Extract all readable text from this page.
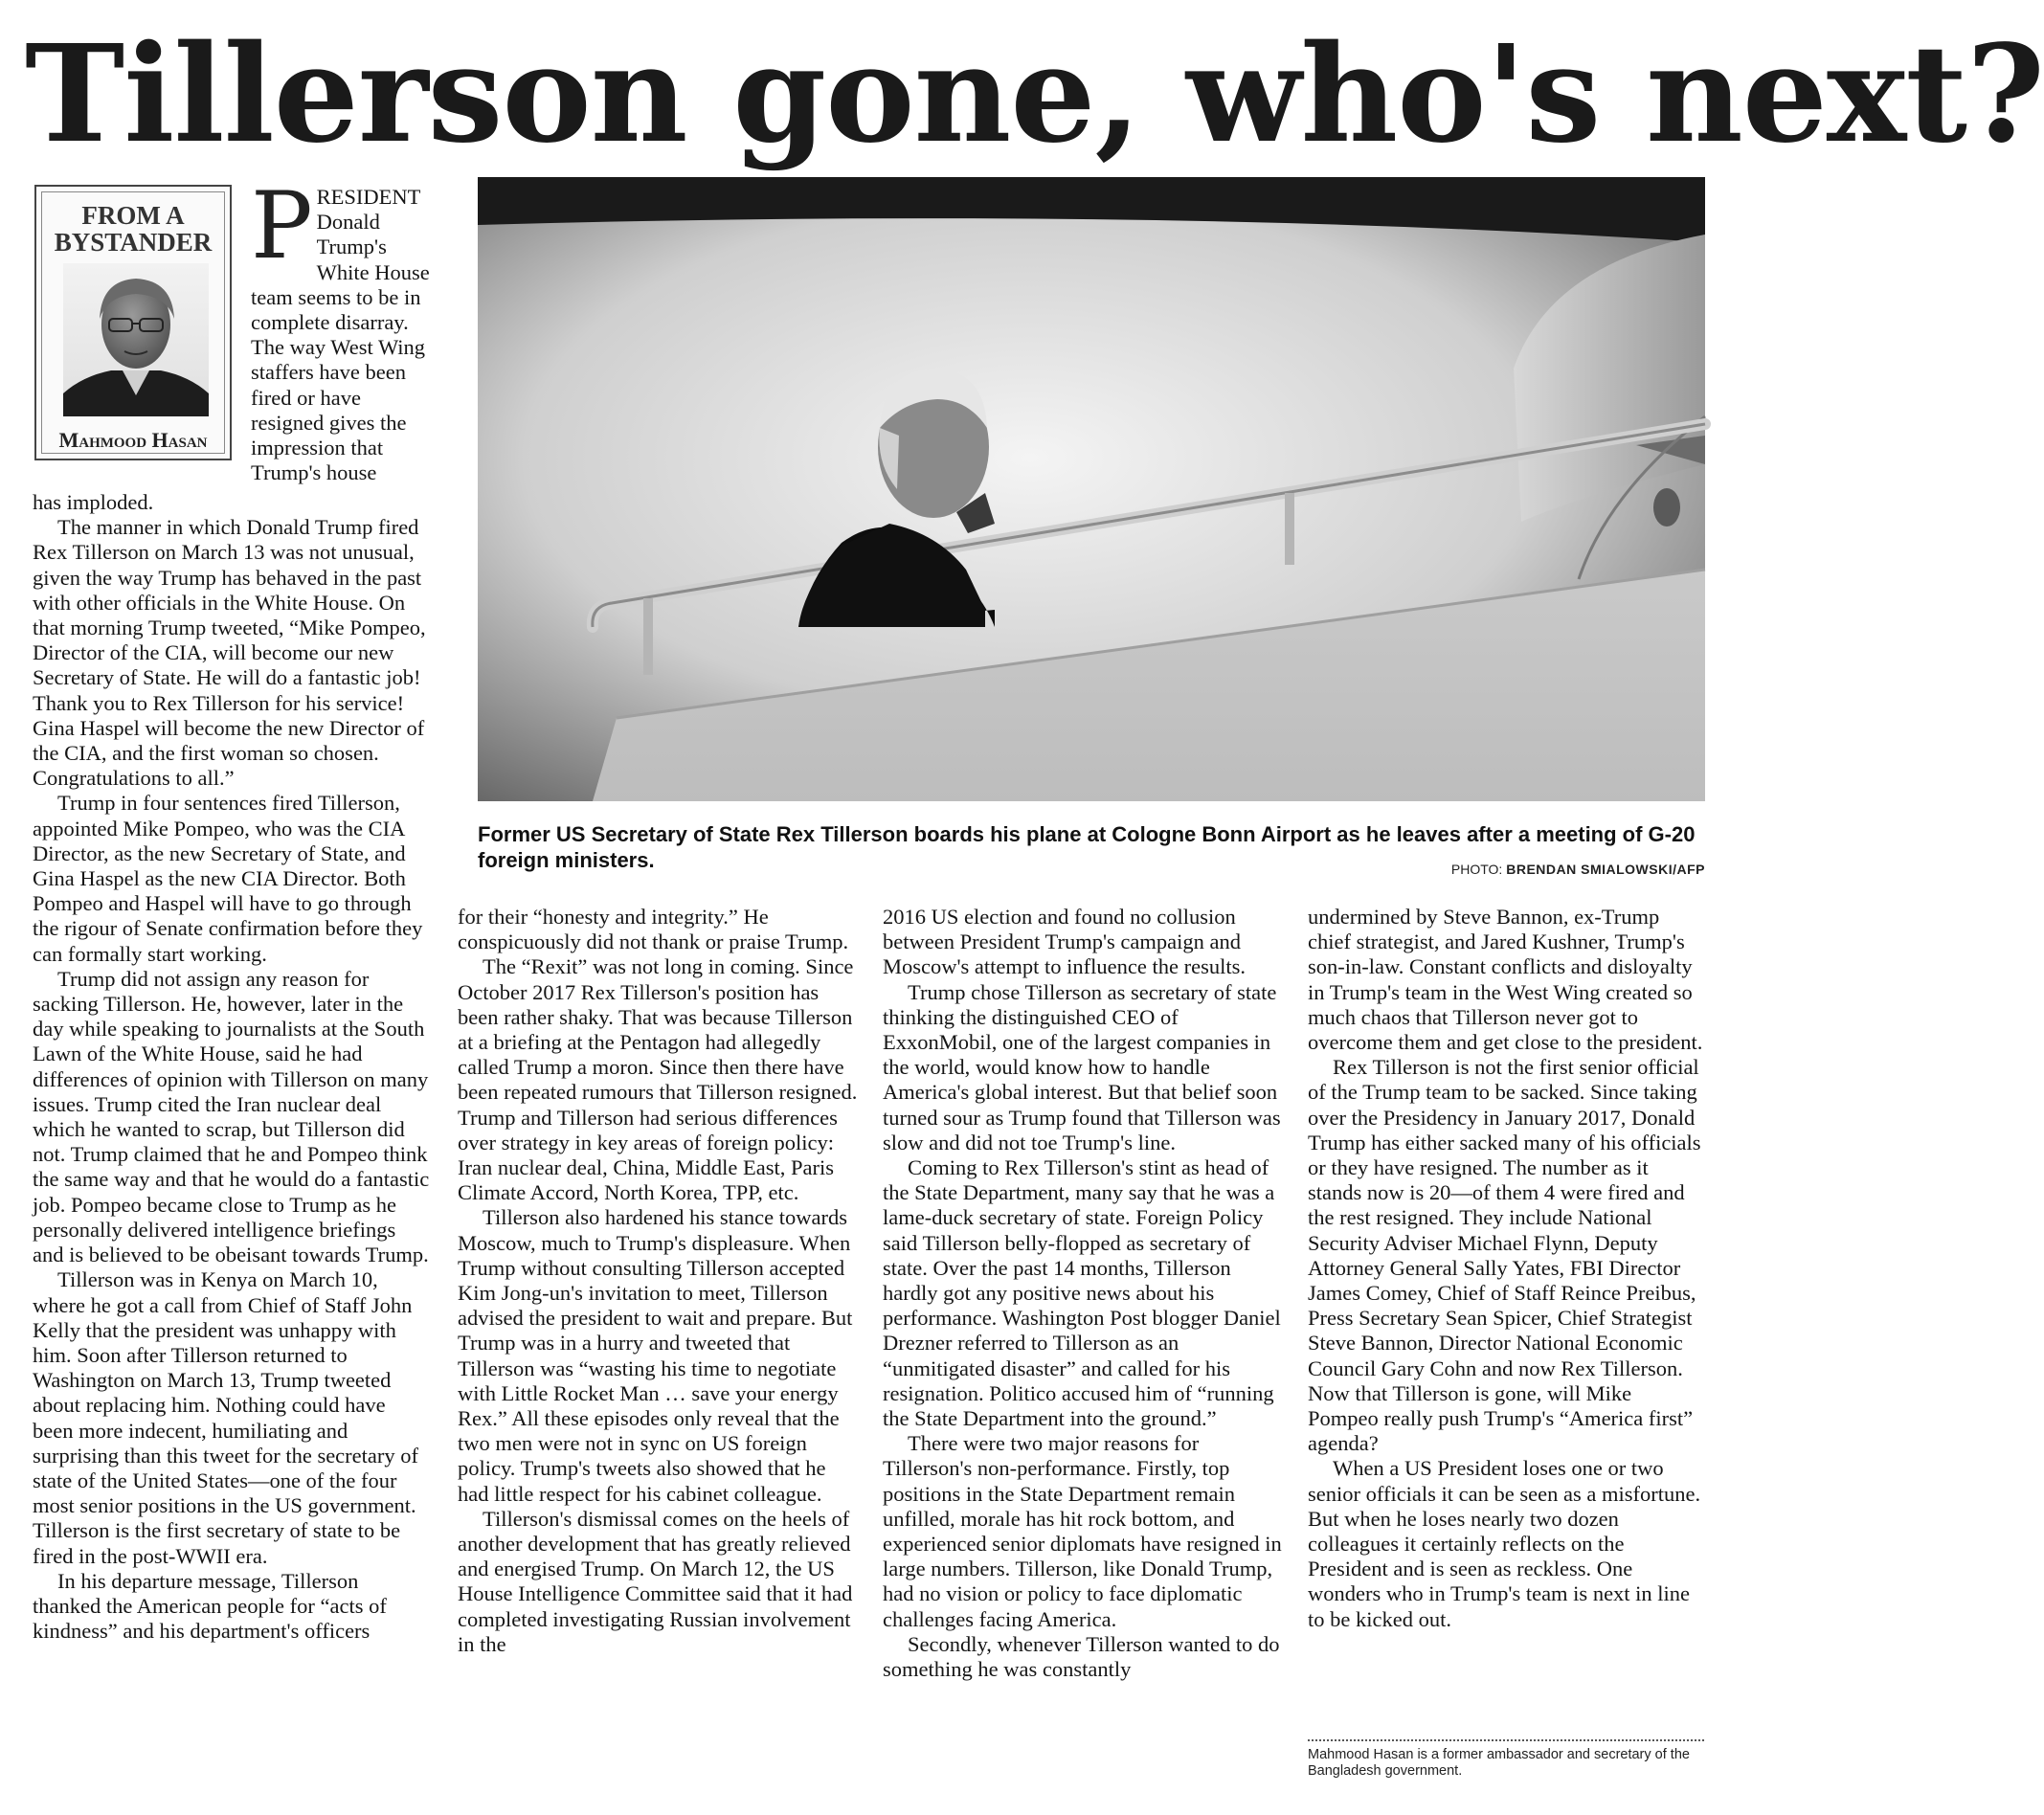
Tillerson gone, who's next?
FROM A
BYSTANDER
Mahmood Hasan
PRESIDENT Donald Trump's White House team seems to be in complete disarray. The way West Wing staffers have been fired or have resigned gives the impression that Trump's house
Former US Secretary of State Rex Tillerson boards his plane at Cologne Bonn Airport as he leaves after a meeting of G-20 foreign ministers.	PHOTO: BRENDAN SMIALOWSKI/AFP

has imploded.

The manner in which Donald Trump fired Rex Tillerson on March 13 was not unusual, given the way Trump has behaved in the past with other officials in the White House. On that morning Trump tweeted, “Mike Pompeo, Director of the CIA, will become our new Secretary of State. He will do a fantastic job! Thank you to Rex Tillerson for his service! Gina Haspel will become the new Director of the CIA, and the first woman so chosen. Congratulations to all.”

Trump in four sentences fired Tillerson, appointed Mike Pompeo, who was the CIA Director, as the new Secretary of State, and Gina Haspel as the new CIA Director. Both Pompeo and Haspel will have to go through the rigour of Senate confirmation before they can formally start working.

Trump did not assign any reason for sacking Tillerson. He, however, later in the day while speaking to journalists at the South Lawn of the White House, said he had differences of opinion with Tillerson on many issues. Trump cited the Iran nuclear deal which he wanted to scrap, but Tillerson did not. Trump claimed that he and Pompeo think the same way and that he would do a fantastic job. Pompeo became close to Trump as he personally delivered intelligence briefings and is believed to be obeisant towards Trump.

Tillerson was in Kenya on March 10, where he got a call from Chief of Staff John Kelly that the president was unhappy with him. Soon after Tillerson returned to Washington on March 13, Trump tweeted about replacing him. Nothing could have been more indecent, humiliating and surprising than this tweet for the secretary of state of the United States—one of the four most senior positions in the US government. Tillerson is the first secretary of state to be fired in the post-WWII era.

In his departure message, Tillerson thanked the American people for “acts of kindness” and his department's officers

for their “honesty and integrity.” He conspicuously did not thank or praise Trump.

The “Rexit” was not long in coming. Since October 2017 Rex Tillerson's position has been rather shaky. That was because Tillerson at a briefing at the Pentagon had allegedly called Trump a moron. Since then there have been repeated rumours that Tillerson resigned. Trump and Tillerson had serious differences over strategy in key areas of foreign policy: Iran nuclear deal, China, Middle East, Paris Climate Accord, North Korea, TPP, etc.

Tillerson also hardened his stance towards Moscow, much to Trump's displeasure. When Trump without consulting Tillerson accepted Kim Jong-un's invitation to meet, Tillerson advised the president to wait and prepare. But Trump was in a hurry and tweeted that Tillerson was “wasting his time to negotiate with Little Rocket Man … save your energy Rex.” All these episodes only reveal that the two men were not in sync on US foreign policy. Trump's tweets also showed that he had little respect for his cabinet colleague.

Tillerson's dismissal comes on the heels of another development that has greatly relieved and energised Trump. On March 12, the US House Intelligence Committee said that it had completed investigating Russian involvement in the

2016 US election and found no collusion between President Trump's campaign and Moscow's attempt to influence the results.

Trump chose Tillerson as secretary of state thinking the distinguished CEO of ExxonMobil, one of the largest companies in the world, would know how to handle America's global interest. But that belief soon turned sour as Trump found that Tillerson was slow and did not toe Trump's line.

Coming to Rex Tillerson's stint as head of the State Department, many say that he was a lame-duck secretary of state. Foreign Policy said Tillerson belly-flopped as secretary of state. Over the past 14 months, Tillerson hardly got any positive news about his performance. Washington Post blogger Daniel Drezner referred to Tillerson as an “unmitigated disaster” and called for his resignation. Politico accused him of “running the State Department into the ground.”

There were two major reasons for Tillerson's non-performance. Firstly, top positions in the State Department remain unfilled, morale has hit rock bottom, and experienced senior diplomats have resigned in large numbers. Tillerson, like Donald Trump, had no vision or policy to face diplomatic challenges facing America.

Secondly, whenever Tillerson wanted to do something he was constantly

undermined by Steve Bannon, ex-Trump chief strategist, and Jared Kushner, Trump's son-in-law. Constant conflicts and disloyalty in Trump's team in the West Wing created so much chaos that Tillerson never got to overcome them and get close to the president.

Rex Tillerson is not the first senior official of the Trump team to be sacked. Since taking over the Presidency in January 2017, Donald Trump has either sacked many of his officials or they have resigned. The number as it stands now is 20—of them 4 were fired and the rest resigned. They include National Security Adviser Michael Flynn, Deputy Attorney General Sally Yates, FBI Director James Comey, Chief of Staff Reince Preibus, Press Secretary Sean Spicer, Chief Strategist Steve Bannon, Director National Economic Council Gary Cohn and now Rex Tillerson. Now that Tillerson is gone, will Mike Pompeo really push Trump's “America first” agenda?

When a US President loses one or two senior officials it can be seen as a misfortune. But when he loses nearly two dozen colleagues it certainly reflects on the President and is seen as reckless. One wonders who in Trump's team is next in line to be kicked out.

Mahmood Hasan is a former ambassador and secretary of the Bangladesh government.
